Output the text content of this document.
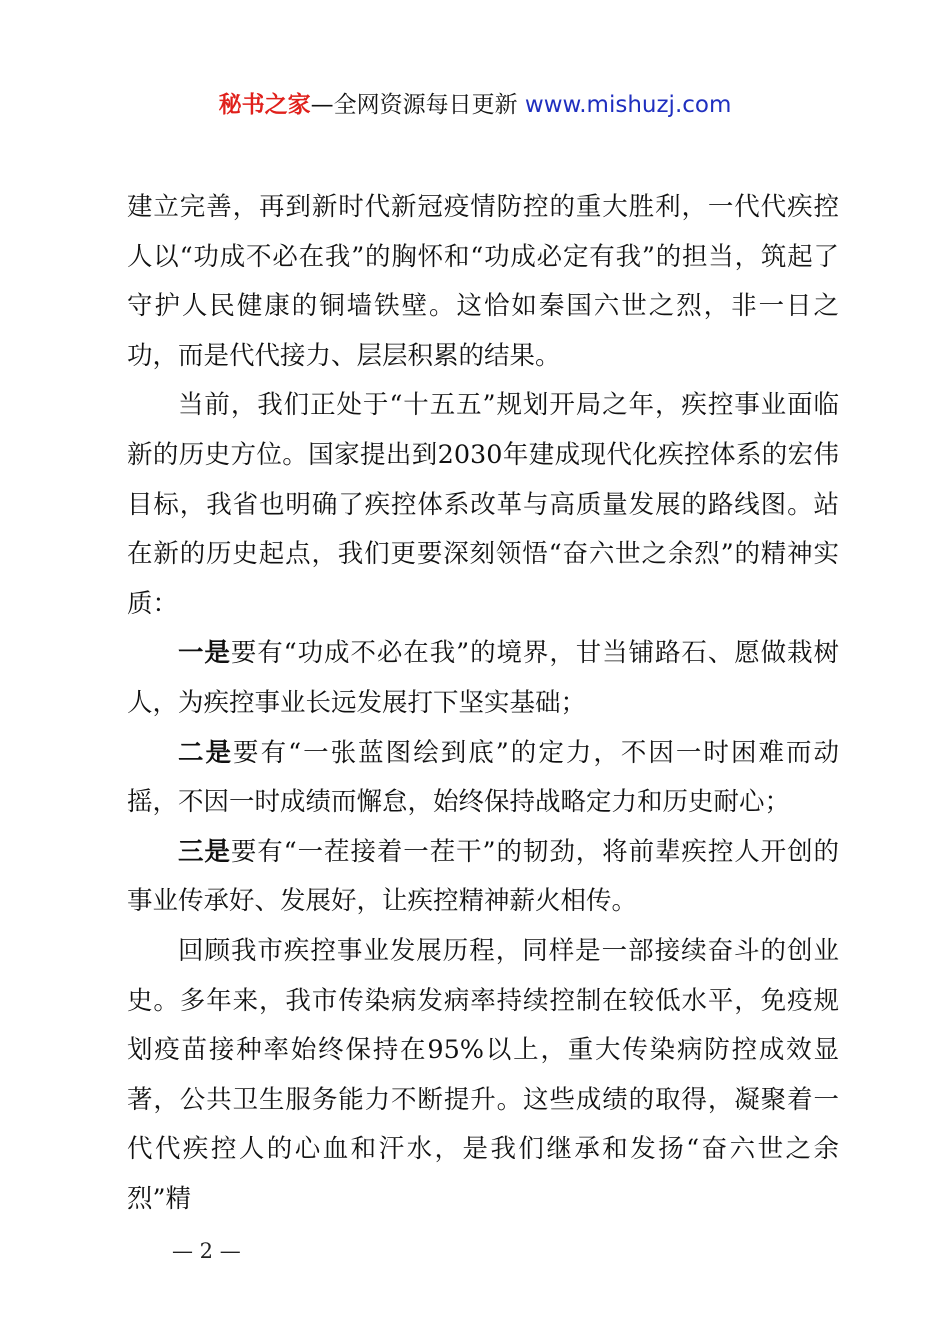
秘书之家—全网资源每日更新 www.mishuzj.com

建立完善，再到新时代新冠疫情防控的重大胜利，一代代疾控人以“功成不必在我”的胸怀和“功成必定有我”的担当，筑起了守护人民健康的铜墙铁壁。这恰如秦国六世之烈，非一日之功，而是代代接力、层层积累的结果。

当前，我们正处于“十五五”规划开局之年，疾控事业面临新的历史方位。国家提出到2030年建成现代化疾控体系的宏伟目标，我省也明确了疾控体系改革与高质量发展的路线图。站在新的历史起点，我们更要深刻领悟“奋六世之余烈”的精神实质：

一是要有“功成不必在我”的境界，甘当铺路石、愿做栽树人，为疾控事业长远发展打下坚实基础；

二是要有“一张蓝图绘到底”的定力，不因一时困难而动摇，不因一时成绩而懈怠，始终保持战略定力和历史耐心；

三是要有“一茬接着一茬干”的韧劲，将前辈疾控人开创的事业传承好、发展好，让疾控精神薪火相传。

回顾我市疾控事业发展历程，同样是一部接续奋斗的创业史。多年来，我市传染病发病率持续控制在较低水平，免疫规划疫苗接种率始终保持在95%以上，重大传染病防控成效显著，公共卫生服务能力不断提升。这些成绩的取得，凝聚着一代代疾控人的心血和汗水，是我们继承和发扬“奋六世之余烈”精

— 2 —
